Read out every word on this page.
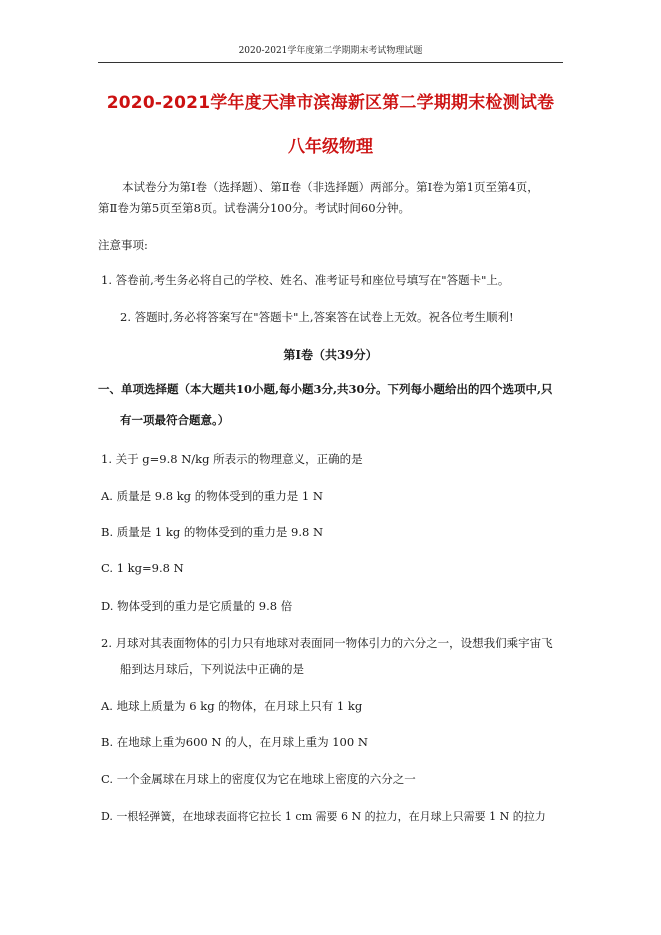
2020-2021学年度第二学期期末考试物理试题
2020-2021学年度天津市滨海新区第二学期期末检测试卷
八年级物理
本试卷分为第Ⅰ卷（选择题）、第Ⅱ卷（非选择题）两部分。第Ⅰ卷为第1页至第4页，
第Ⅱ卷为第5页至第8页。试卷满分100分。考试时间60分钟。
注意事项:
1. 答卷前,考生务必将自己的学校、姓名、准考证号和座位号填写在"答题卡"上。
2. 答题时,务必将答案写在"答题卡"上,答案答在试卷上无效。祝各位考生顺利!
第Ⅰ卷（共39分）
一、单项选择题（本大题共10小题,每小题3分,共30分。下列每小题给出的四个选项中,只
有一项最符合题意。）
1. 关于 g=9.8 N/kg 所表示的物理意义，正确的是
A. 质量是 9.8 kg 的物体受到的重力是 1 N
B. 质量是 1 kg 的物体受到的重力是 9.8 N
C. 1 kg=9.8 N
D. 物体受到的重力是它质量的 9.8 倍
2. 月球对其表面物体的引力只有地球对表面同一物体引力的六分之一，设想我们乘宇宙飞
船到达月球后，下列说法中正确的是
A. 地球上质量为 6 kg 的物体，在月球上只有 1 kg
B. 在地球上重为600 N 的人，在月球上重为 100 N
C. 一个金属球在月球上的密度仅为它在地球上密度的六分之一
D. 一根轻弹簧，在地球表面将它拉长 1 cm 需要 6 N 的拉力，在月球上只需要 1 N 的拉力
